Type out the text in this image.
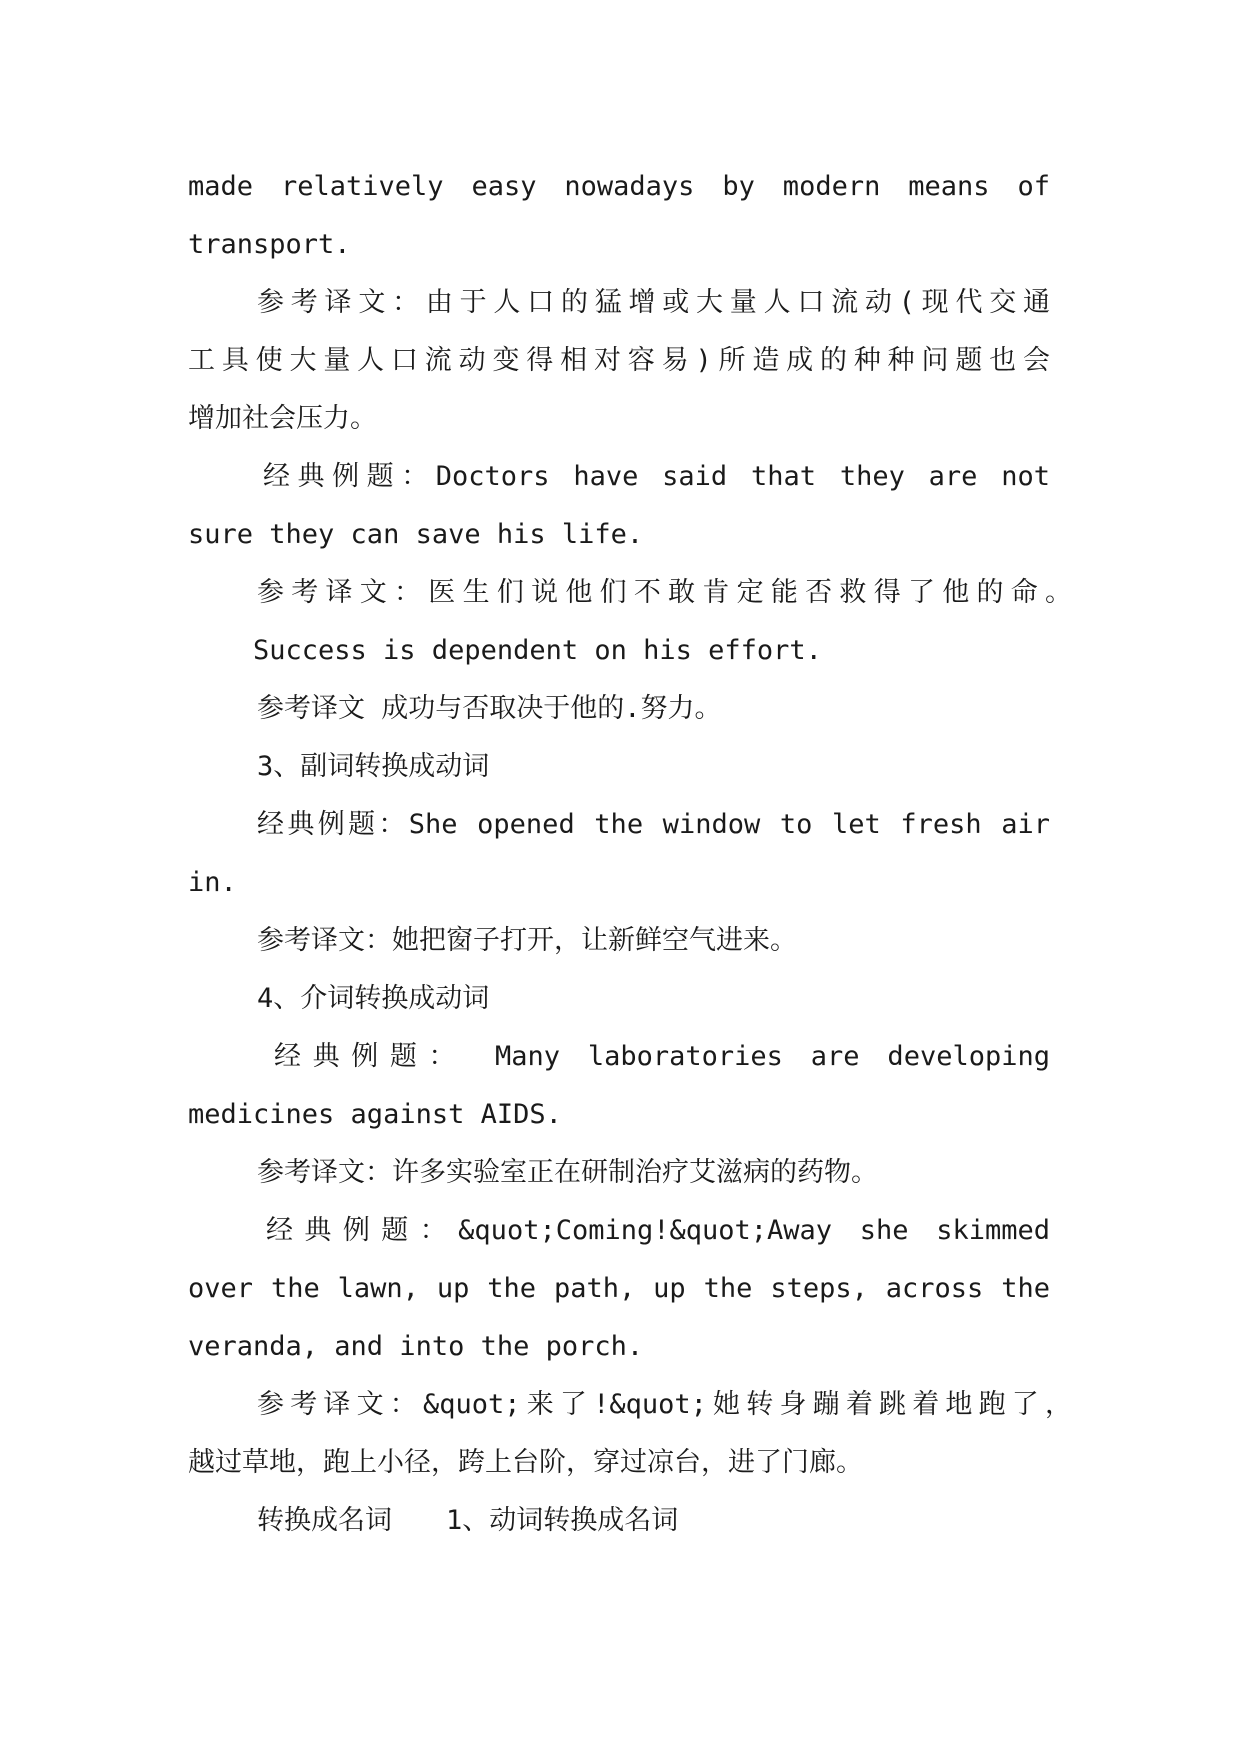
made relatively easy nowadays by modern means of
transport.
参考译文：由于人口的猛增或大量人口流动(现代交通
工具使大量人口流动变得相对容易)所造成的种种问题也会
增加社会压力。
经典例题：Doctors have said that they are not
sure they can save his life.
参考译文：医生们说他们不敢肯定能否救得了他的命。
Success is dependent on his effort.
参考译文 成功与否取决于他的.努力。
3、副词转换成动词
经典例题：She opened the window to let fresh air
in.
参考译文：她把窗子打开，让新鲜空气进来。
4、介词转换成动词
经典例题： Many laboratories are developing
medicines against AIDS.
参考译文：许多实验室正在研制治疗艾滋病的药物。
经典例题：&quot;Coming!&quot;Away she skimmed
over the lawn, up the path, up the steps, across the
veranda, and into the porch.
参考译文：&quot;来了!&quot;她转身蹦着跳着地跑了，
越过草地，跑上小径，跨上台阶，穿过凉台，进了门廊。
转换成名词　　1、动词转换成名词
